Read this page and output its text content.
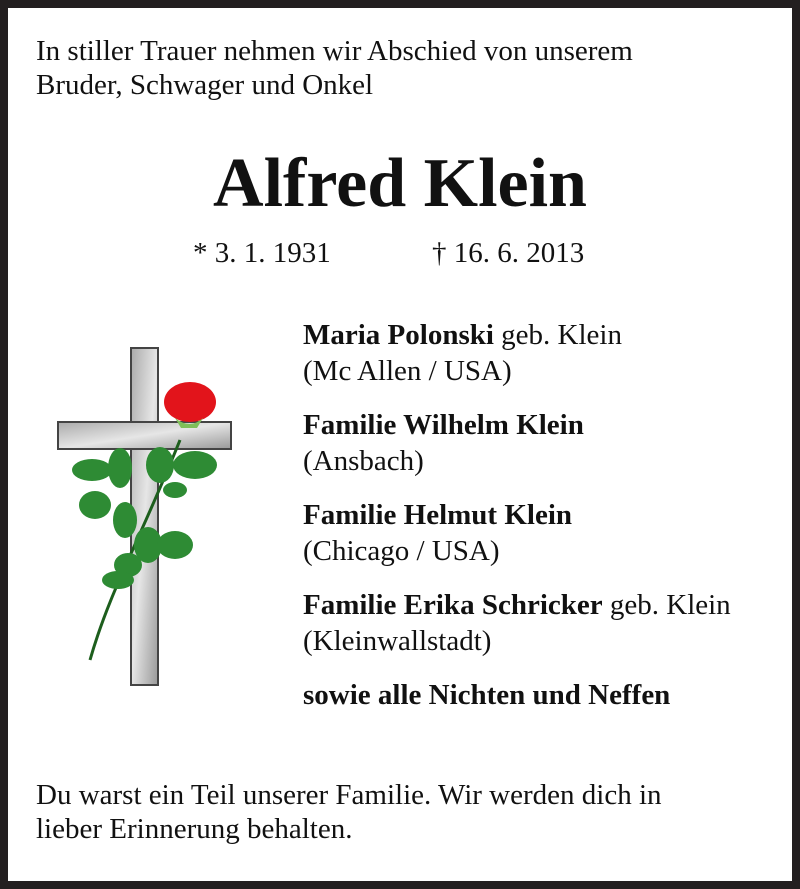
In stiller Trauer nehmen wir Abschied von unserem
Bruder, Schwager und Onkel
Alfred Klein
* 3. 1. 1931	† 16. 6. 2013
Maria Polonski geb. Klein
(Mc Allen / USA)
Familie Wilhelm Klein
(Ansbach)
Familie Helmut Klein
(Chicago / USA)
Familie Erika Schricker geb. Klein
(Kleinwallstadt)
sowie alle Nichten und Neffen
Du warst ein Teil unserer Familie. Wir werden dich in
lieber Erinnerung behalten.
